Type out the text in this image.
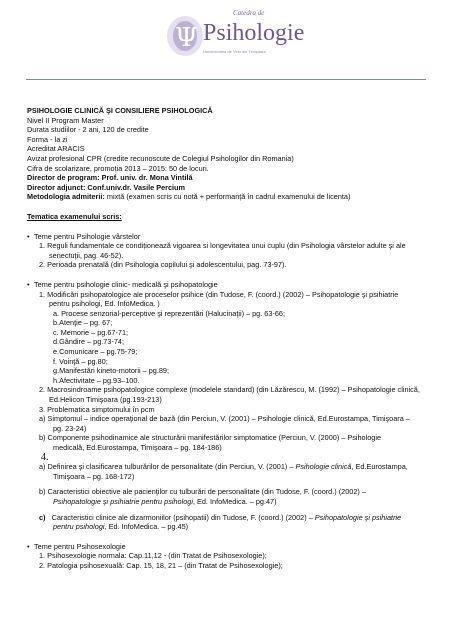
Ψ
Catedra de
Psihologie
Universitatea de Vest din Timişoara
PSIHOLOGIE CLINICĂ ŞI CONSILIERE PSIHOLOGICĂ
Nivel II Program Master
Durata studiilor - 2 ani, 120 de credite
Forma - la zi
Acreditat ARACIS
Avizat profesional CPR (credite recunoscute de Colegiul Psihologilor din Romania)
Cifra de scolarizare, promoția 2013 – 2015: 50 de locuri.
Director de program: Prof. univ. dr. Mona Vintilă
Director adjunct: Conf.univ.dr. Vasile Percium
Metodologia admiterii: mixtă (examen scris cu notă + performanță în cadrul examenului de licenta)
Tematica examenului scris:
• Teme pentru Psihologie vârstelor
1. Reguli fundamentale ce condiționează vigoarea si longevitatea unui cuplu (din Psihologia vârstelor adulte şi ale
senectuţii, pag. 46-52).
2. Perioada prenatală (din Psihologia copilului şi adolescentului, pag. 73-97).
• Teme pentru psihologie clinic- medicală şi psihopatologie
1. Modificări psihopatologice ale proceselor psihice (din Tudose, F. (coord.) (2002) – Psihopatologie şi psihiatrie
pentru psihologi, Ed. InfoMedica. )
a. Procese senzorial-perceptive şi reprezentări (Halucinaţii) – pg. 63-66;
b.Atenţie – pg. 67;
c. Memorie – pg.67-71;
d.Gândire – pg.73-74;
e.Comunicare – pg.75-79;
f. Voinţă – pg.80;
g.Manifestări kineto-motorii – pg.89;
h.Afectivitate – pg.93–100.
2. Macrosindroame psihopatologice complexe (modelele standard) (din Lăzărescu, M. (1992) – Psihopatologie clinică,
Ed.Helicon Timişoara (pg.193-213)
3. Problematica simptomului în pcm
a) Simptomul – indice operaţional de bază (din Perciun, V. (2001) – Psihologie clinică, Ed.Eurostampa, Timişoara –
pg. 23-24)
b) Componente psihodinamice ale structurării manifestărilor simptomatice (Perciun, V. (2000) – Psihologie
medicală, Ed.Eurostampa, Timişoara – pg. 184-186)
4.
a) Definirea şi clasificarea tulburărilor de personalitate (din Perciun, V. (2001) – Psihologie clinică, Ed.Eurostampa,
Timişoara – pg. 168-172)
b) Caracteristici obiective ale pacienţilor cu tulburări de personalitate (din Tudose, F. (coord.) (2002) –
Psihopatologie şi psihiatrie pentru psihologi, Ed. InfoMedica. – pg.47)
c)   Caracteristici clinice ale dizarmoniilor (psihopatii) din Tudose, F. (coord.) (2002) – Psihopatologie şi psihiatrie
pentru psihologi, Ed. InfoMedica. – pg.45)
• Teme pentru Psihosexologie
1. Psihosexologie normala: Cap.11,12 - (din Tratat de Psihosexologie);
2. Patologia psihosexuală: Cap. 15, 18, 21 – (din Tratat de Psihosexologie);
